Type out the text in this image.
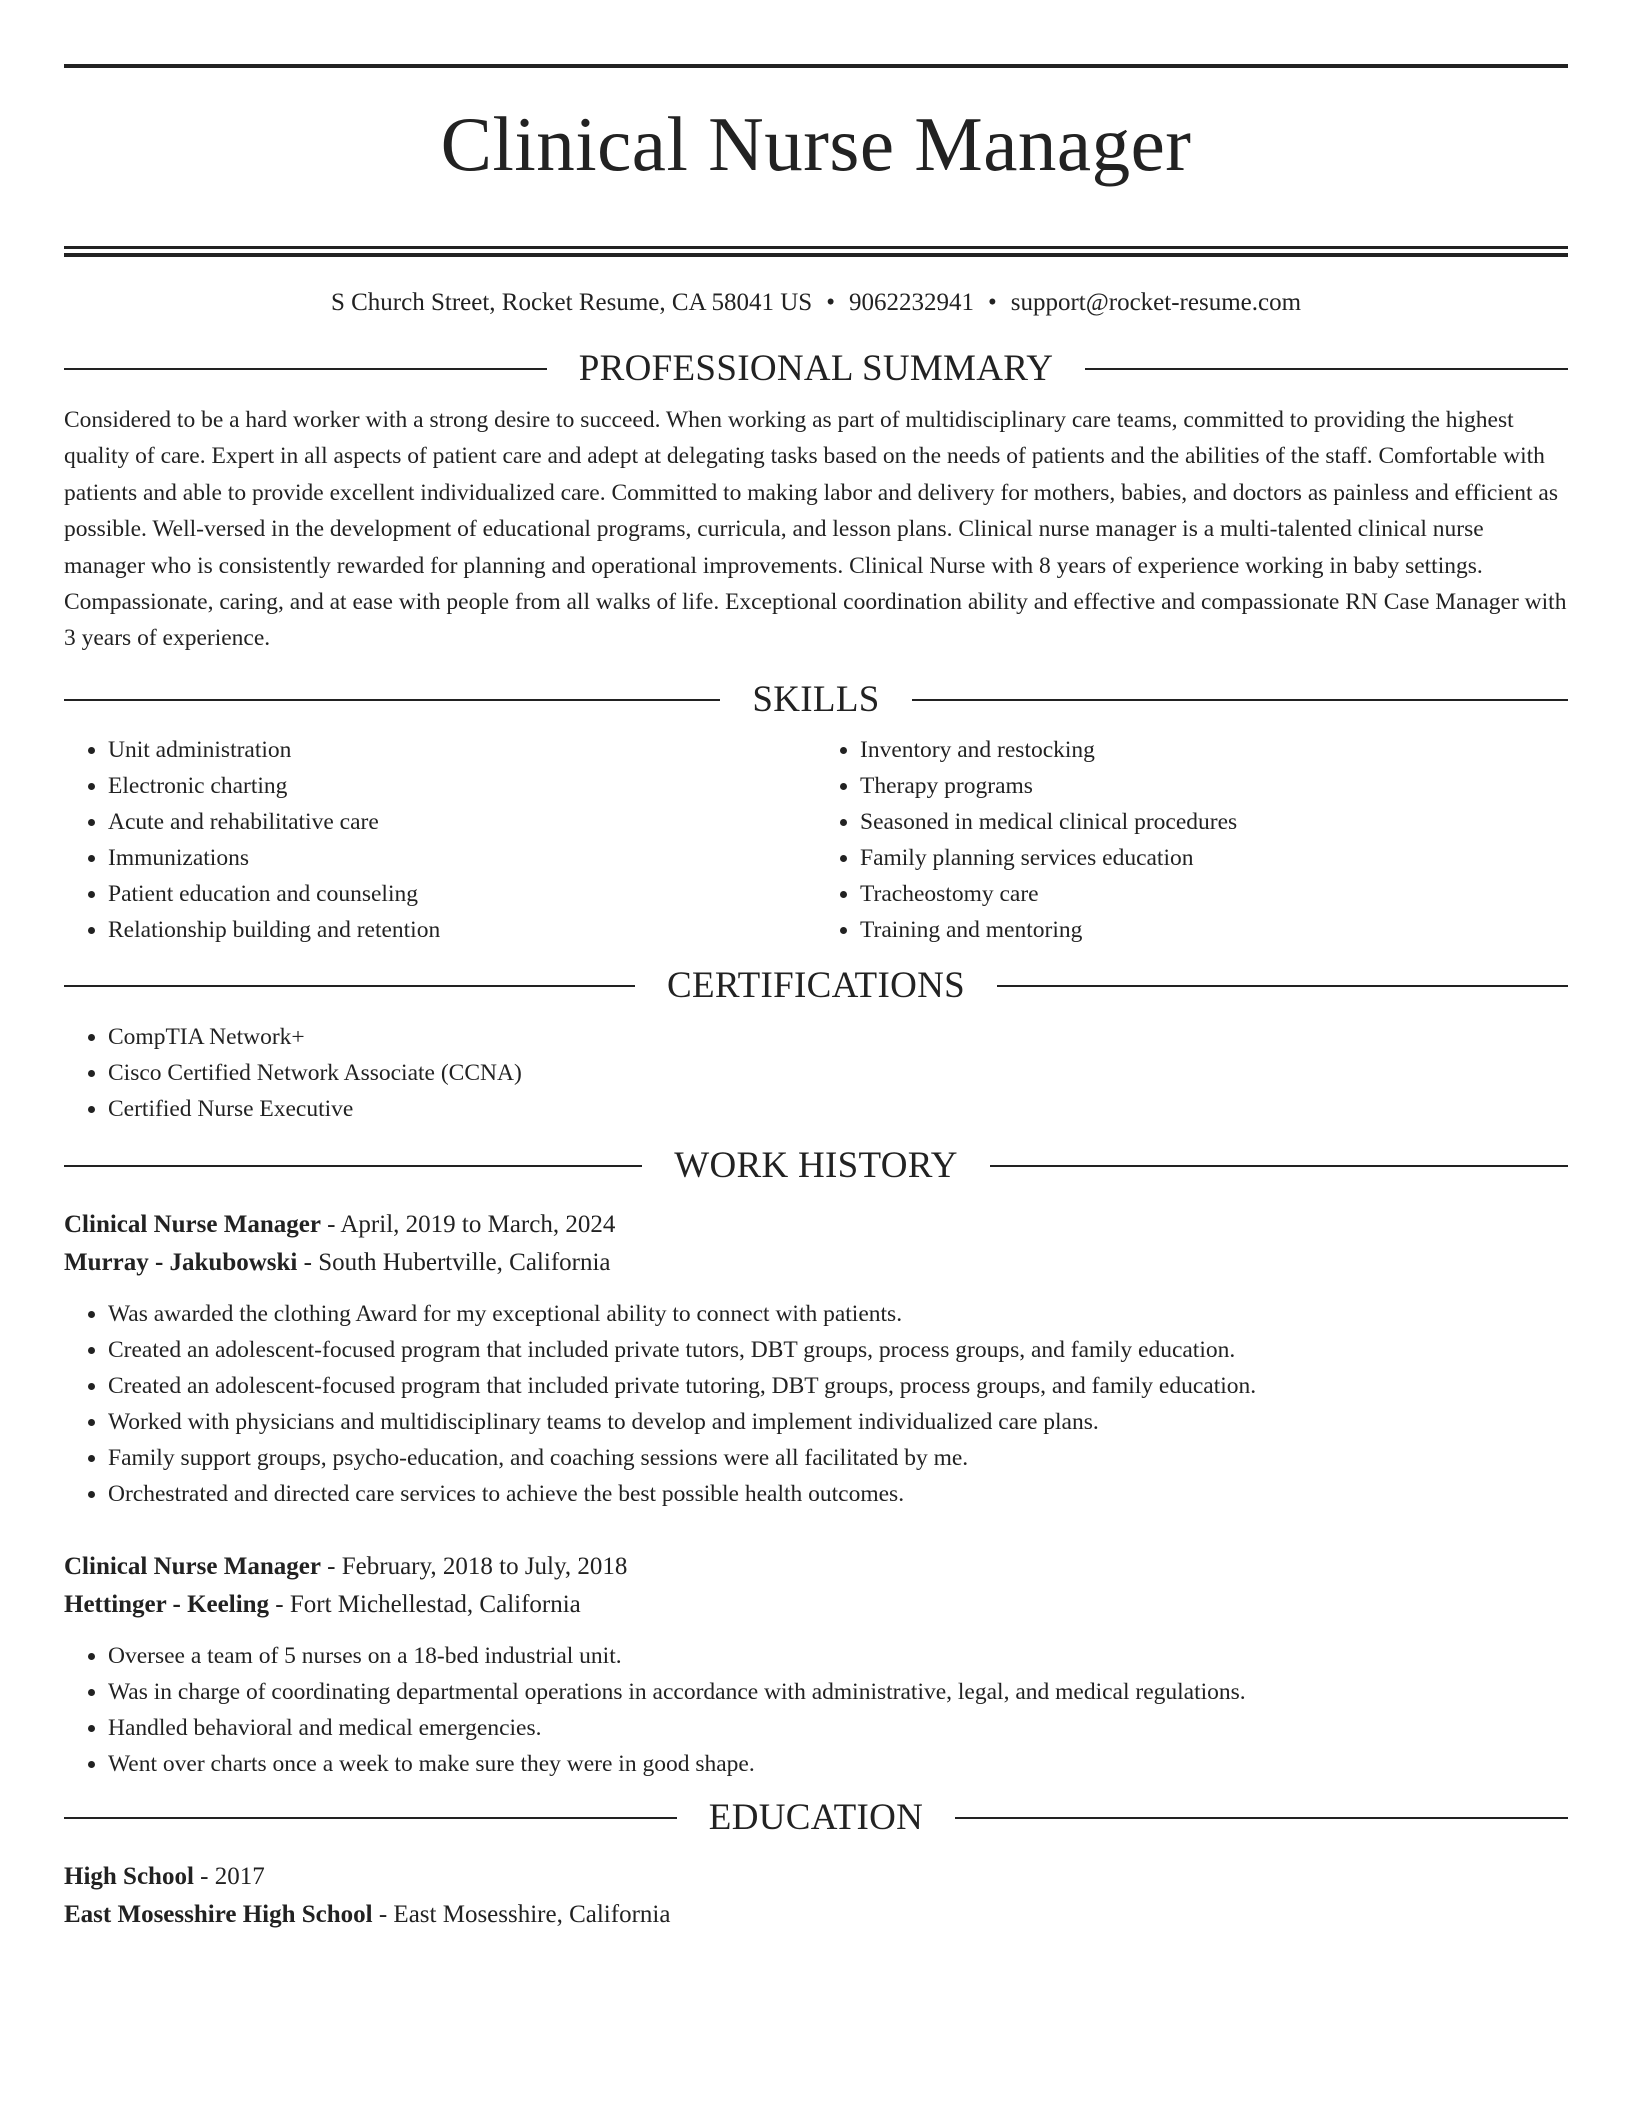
Clinical Nurse Manager
S Church Street, Rocket Resume, CA 58041 US • 9062232941 • support@rocket-resume.com
PROFESSIONAL SUMMARY

Considered to be a hard worker with a strong desire to succeed. When working as part of multidisciplinary care teams, committed to providing the highest quality of care. Expert in all aspects of patient care and adept at delegating tasks based on the needs of patients and the abilities of the staff. Comfortable with patients and able to provide excellent individualized care. Committed to making labor and delivery for mothers, babies, and doctors as painless and efficient as possible. Well-versed in the development of educational programs, curricula, and lesson plans. Clinical nurse manager is a multi-talented clinical nurse manager who is consistently rewarded for planning and operational improvements. Clinical Nurse with 8 years of experience working in baby settings. Compassionate, caring, and at ease with people from all walks of life. Exceptional coordination ability and effective and compassionate RN Case Manager with 3 years of experience.

SKILLS
• Unit administration
• Electronic charting
• Acute and rehabilitative care
• Immunizations
• Patient education and counseling
• Relationship building and retention
• Inventory and restocking
• Therapy programs
• Seasoned in medical clinical procedures
• Family planning services education
• Tracheostomy care
• Training and mentoring
CERTIFICATIONS
• CompTIA Network+
• Cisco Certified Network Associate (CCNA)
• Certified Nurse Executive
WORK HISTORY
Clinical Nurse Manager - April, 2019 to March, 2024
Murray - Jakubowski - South Hubertville, California
• Was awarded the clothing Award for my exceptional ability to connect with patients.
• Created an adolescent-focused program that included private tutors, DBT groups, process groups, and family education.
• Created an adolescent-focused program that included private tutoring, DBT groups, process groups, and family education.
• Worked with physicians and multidisciplinary teams to develop and implement individualized care plans.
• Family support groups, psycho-education, and coaching sessions were all facilitated by me.
• Orchestrated and directed care services to achieve the best possible health outcomes.
Clinical Nurse Manager - February, 2018 to July, 2018
Hettinger - Keeling - Fort Michellestad, California
• Oversee a team of 5 nurses on a 18-bed industrial unit.
• Was in charge of coordinating departmental operations in accordance with administrative, legal, and medical regulations.
• Handled behavioral and medical emergencies.
• Went over charts once a week to make sure they were in good shape.
EDUCATION
High School - 2017
East Mosesshire High School - East Mosesshire, California
